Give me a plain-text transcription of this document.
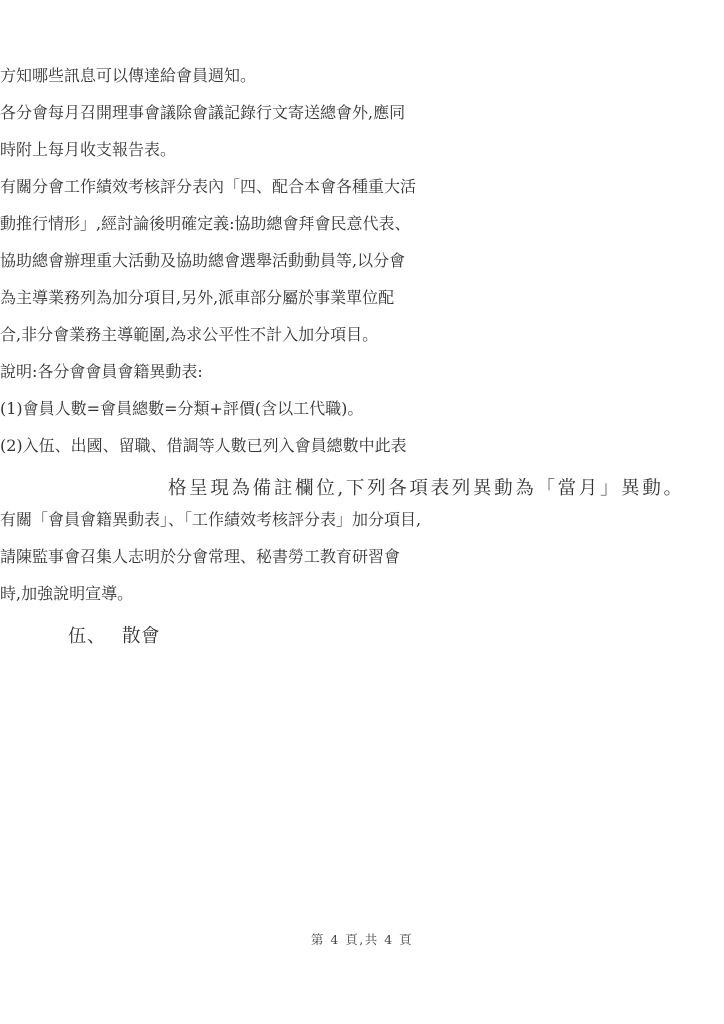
方知哪些訊息可以傳達給會員週知。
各分會每月召開理事會議除會議記錄行文寄送總會外,應同
時附上每月收支報告表。
有關分會工作績效考核評分表內「四、配合本會各種重大活
動推行情形」,經討論後明確定義:協助總會拜會民意代表、
協助總會辦理重大活動及協助總會選舉活動動員等,以分會
為主導業務列為加分項目,另外,派車部分屬於事業單位配
合,非分會業務主導範圍,為求公平性不計入加分項目。
說明:各分會會員會籍異動表:
(1)會員人數=會員總數=分類+評價(含以工代職)。
(2)入伍、出國、留職、借調等人數已列入會員總數中此表
格呈現為備註欄位,下列各項表列異動為「當月」異動。
有關「會員會籍異動表」、「工作績效考核評分表」加分項目,
請陳監事會召集人志明於分會常理、秘書勞工教育研習會
時,加強說明宣導。
伍、 散會
第 4 頁,共 4 頁
